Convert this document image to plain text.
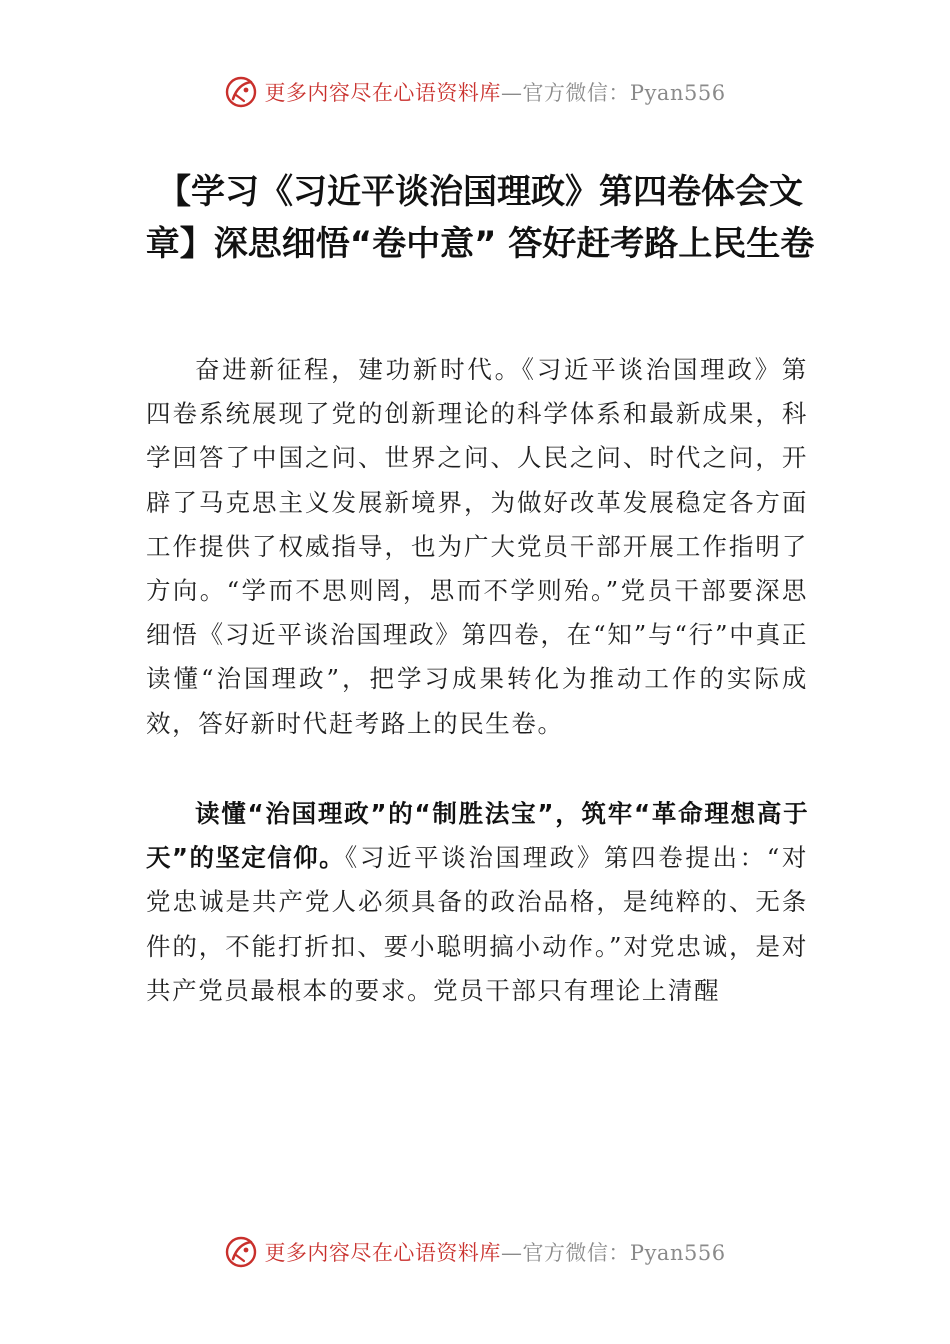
更多内容尽在心语资料库—官方微信：Pyan556
【学习《习近平谈治国理政》第四卷体会文章】深思细悟“卷中意” 答好赶考路上民生卷

奋进新征程，建功新时代。《习近平谈治国理政》第四卷系统展现了党的创新理论的科学体系和最新成果，科学回答了中国之问、世界之问、人民之问、时代之问，开辟了马克思主义发展新境界，为做好改革发展稳定各方面工作提供了权威指导，也为广大党员干部开展工作指明了方向。“学而不思则罔，思而不学则殆。”党员干部要深思细悟《习近平谈治国理政》第四卷，在“知”与“行”中真正读懂“治国理政”，把学习成果转化为推动工作的实际成效，答好新时代赶考路上的民生卷。

读懂“治国理政”的“制胜法宝”，筑牢“革命理想高于天”的坚定信仰。《习近平谈治国理政》第四卷提出：“对党忠诚是共产党人必须具备的政治品格，是纯粹的、无条件的，不能打折扣、要小聪明搞小动作。”对党忠诚，是对共产党员最根本的要求。党员干部只有理论上清醒

更多内容尽在心语资料库—官方微信：Pyan556
